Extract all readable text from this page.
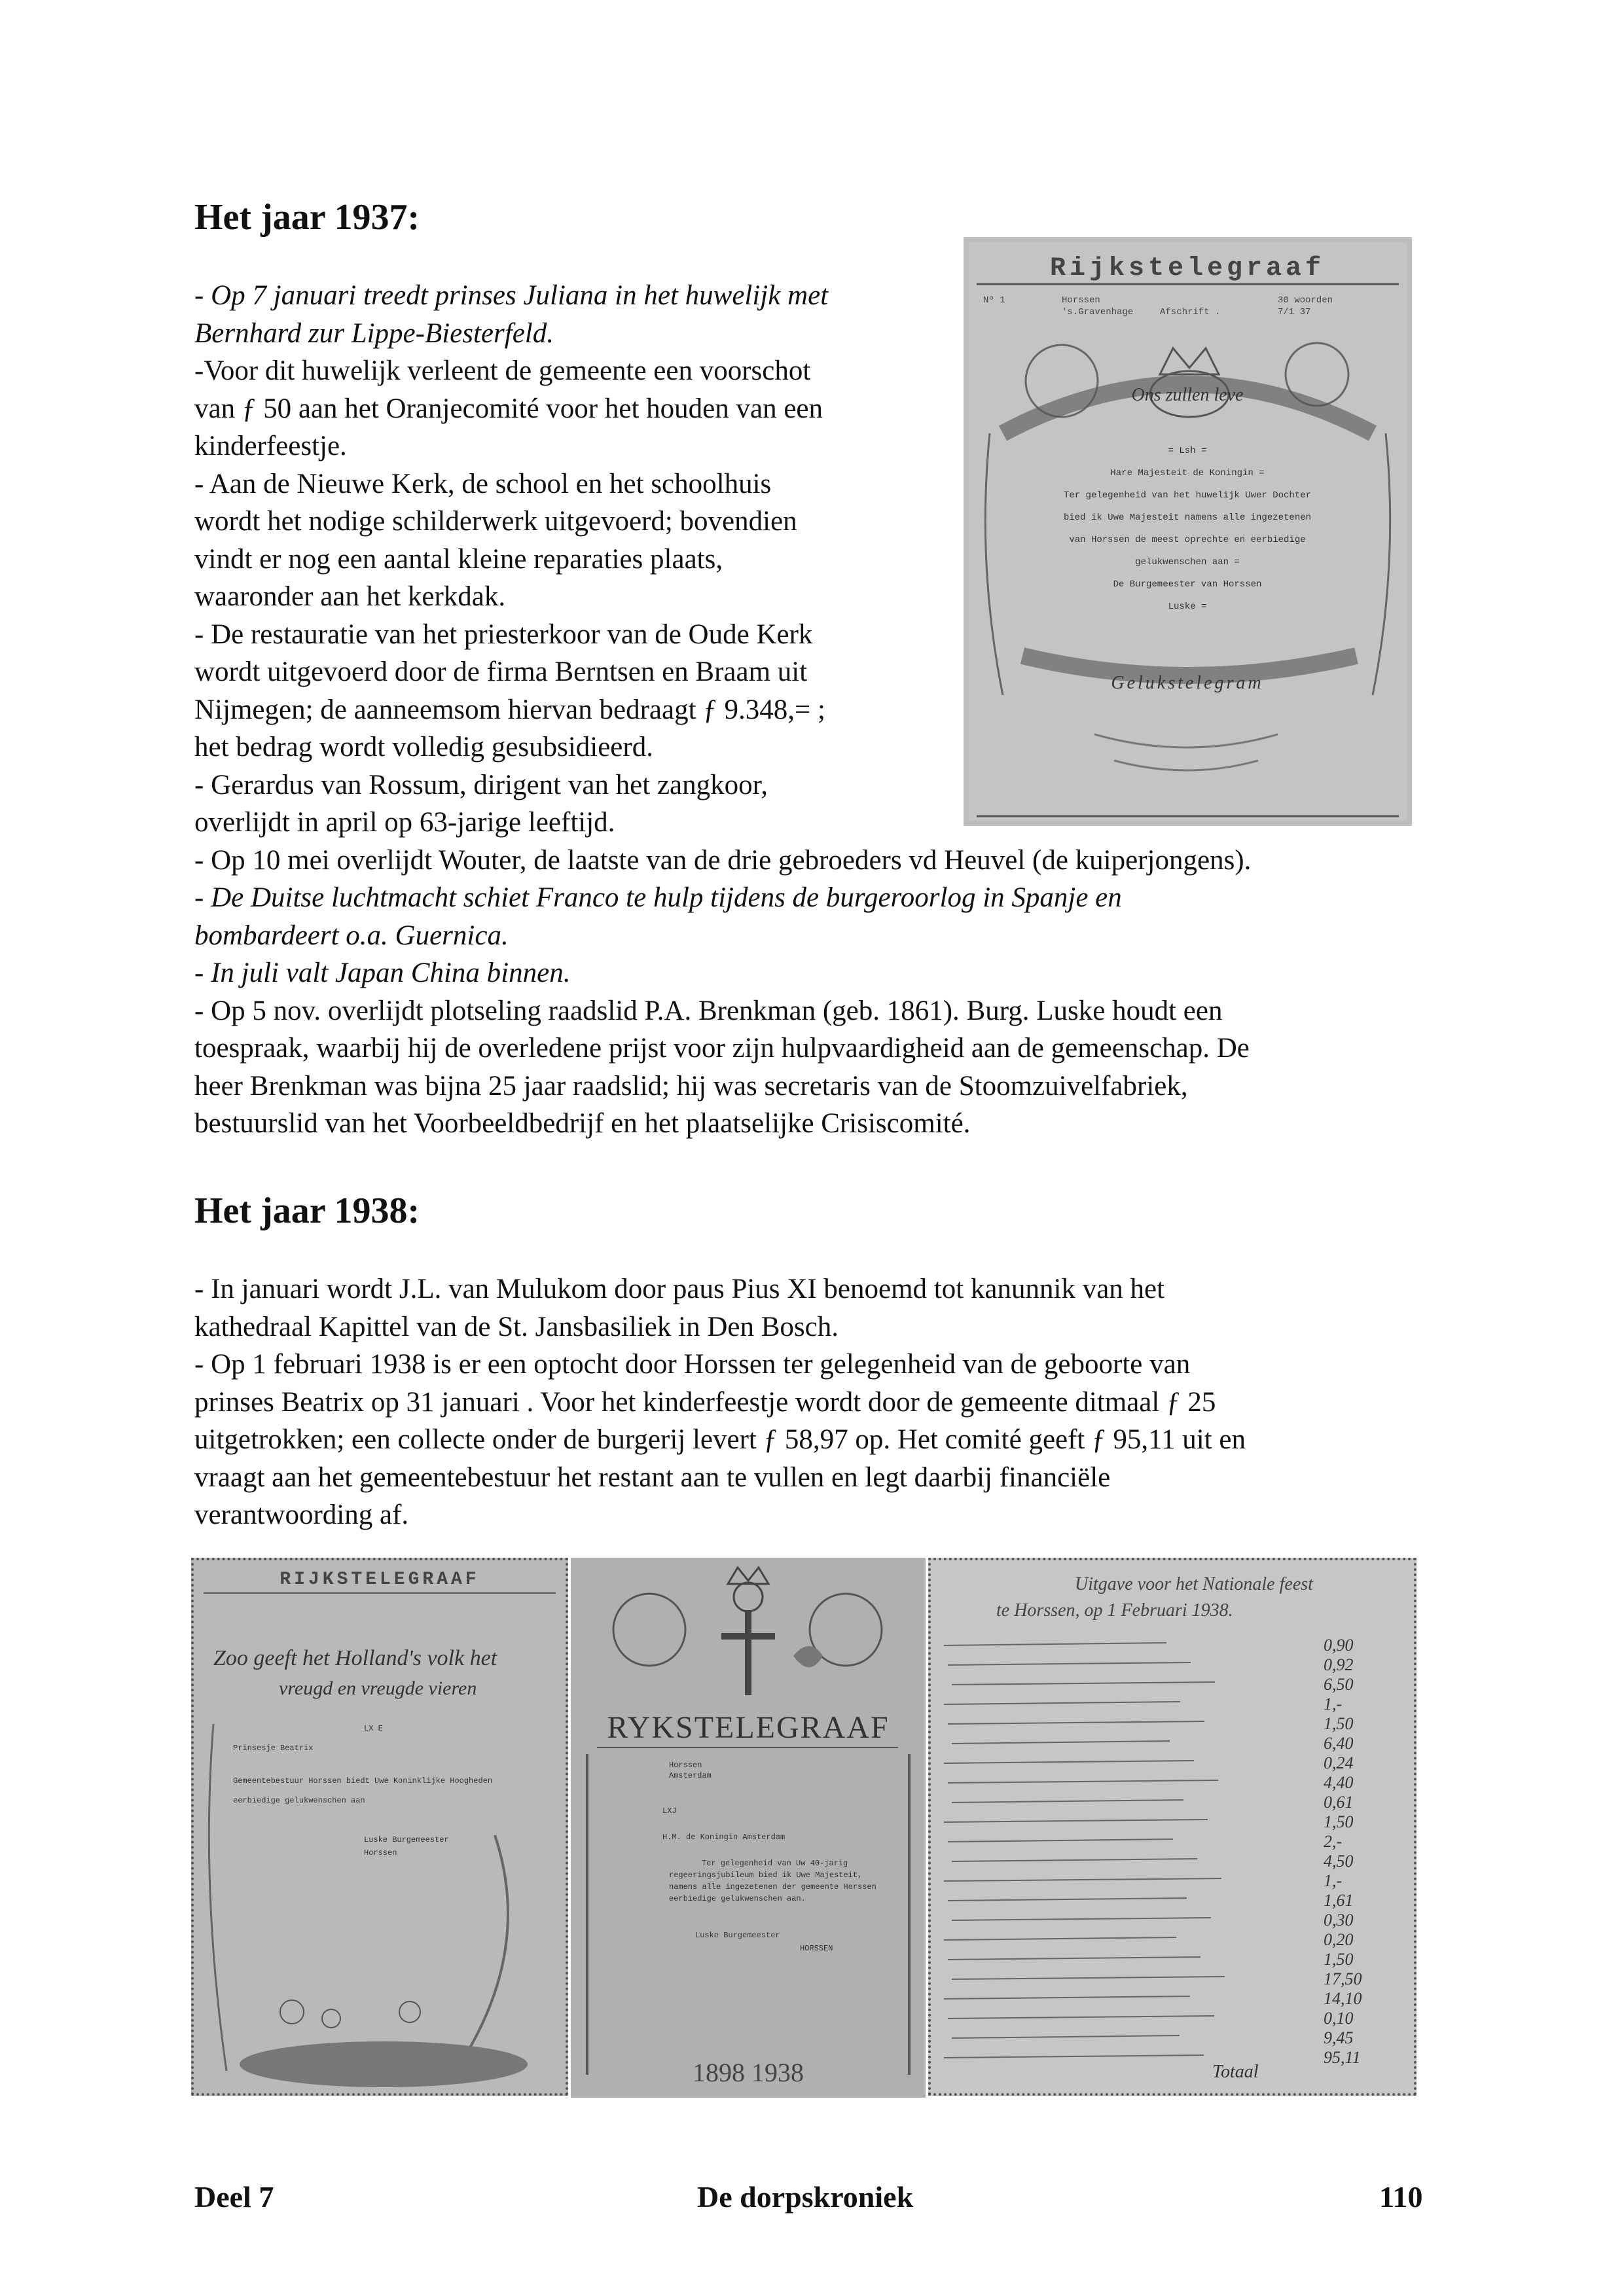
Het jaar 1937:

- Op 7 januari treedt prinses Juliana in het huwelijk met

Bernhard zur Lippe-Biesterfeld.

-Voor dit huwelijk verleent de gemeente een voorschot

van ƒ 50 aan het Oranjecomité voor het houden van een

kinderfeestje.

- Aan de Nieuwe Kerk, de school en het schoolhuis

wordt het nodige schilderwerk uitgevoerd; bovendien

vindt er nog een aantal kleine reparaties plaats,

waaronder aan het kerkdak.

- De restauratie van het priesterkoor van de Oude Kerk

wordt uitgevoerd door de firma Berntsen en Braam uit

Nijmegen; de aanneemsom hiervan bedraagt ƒ 9.348,= ;

het bedrag wordt volledig gesubsidieerd.

- Gerardus van Rossum, dirigent van het zangkoor,

overlijdt in april op 63-jarige leeftijd.

- Op 10 mei overlijdt Wouter, de laatste van de drie gebroeders vd Heuvel (de kuiperjongens).

- De Duitse luchtmacht schiet Franco te hulp tijdens de burgeroorlog in Spanje en

bombardeert o.a. Guernica.

- In juli valt Japan China binnen.

- Op 5 nov. overlijdt plotseling raadslid P.A. Brenkman (geb. 1861). Burg. Luske houdt een

toespraak, waarbij hij de overledene prijst voor zijn hulpvaardigheid aan de gemeenschap. De

heer Brenkman was bijna 25 jaar raadslid; hij was secretaris van de Stoomzuivelfabriek,

bestuurslid van het Voorbeeldbedrijf en het plaatselijke Crisiscomité.

Rijkstelegraaf
Nº 1	Horssen
's.Gravenhage	Afschrift .
30 woorden
7/1 37
Ons zullen leve
= Lsh =
Hare Majesteit de Koningin =
Ter gelegenheid van het huwelijk Uwer Dochter
bied ik Uwe Majesteit namens alle ingezetenen
van Horssen de meest oprechte en eerbiedige
gelukwenschen aan =
De Burgemeester van Horssen
Luske =
Gelukstelegram
Het jaar 1938:

- In januari wordt J.L. van Mulukom door paus Pius XI benoemd tot kanunnik van het

kathedraal Kapittel van de St. Jansbasiliek in Den Bosch.

- Op 1 februari 1938 is er een optocht door Horssen ter gelegenheid van de geboorte van

prinses Beatrix op 31 januari . Voor het kinderfeestje wordt door de gemeente ditmaal ƒ 25

uitgetrokken; een collecte onder de burgerij levert ƒ 58,97 op. Het comité geeft ƒ 95,11 uit en

vraagt aan het gemeentebestuur het restant aan te vullen en legt daarbij financiële

verantwoording af.

RIJKSTELEGRAAF
Zoo geeft het Holland's volk het
vreugd en vreugde vieren
LX E
Prinsesje Beatrix
Gemeentebestuur Horssen biedt Uwe Koninklijke Hoogheden
eerbiedige gelukwenschen aan
Luske Burgemeester
Horssen
RYKSTELEGRAAF
Horssen
Amsterdam
LXJ
H.M. de Koningin Amsterdam
Ter gelegenheid van Uw 40-jarig
regeeringsjubileum bied ik Uwe Majesteit,
namens alle ingezetenen der gemeente Horssen
eerbiedige gelukwenschen aan.
Luske Burgemeester
HORSSEN
1898 1938
Uitgave voor het Nationale feest
te Horssen, op 1 Februari 1938.
0,90
0,92
6,50
1,-
1,50
6,40
0,24
4,40
0,61
1,50
2,-
4,50
1,-
1,61
0,30
0,20
1,50
17,50
14,10
0,10
9,45
95,11
Totaal
Deel 7	De dorpskroniek	110
